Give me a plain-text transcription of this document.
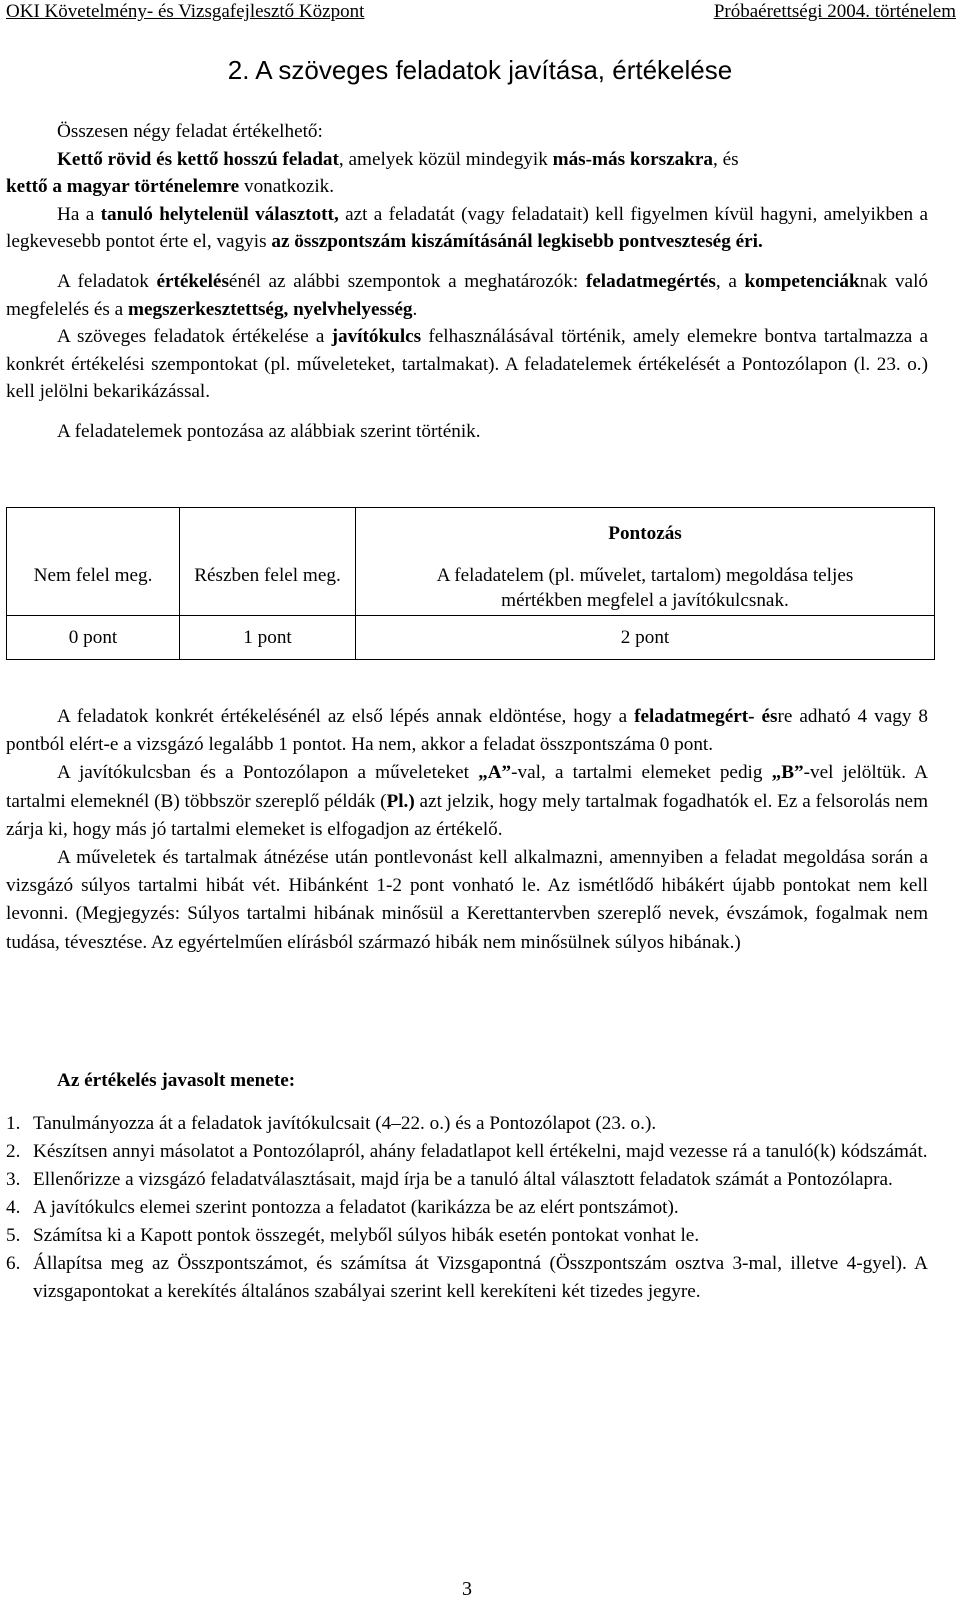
OKI Követelmény- és Vizsgafejlesztő Központ	Próbaérettségi 2004. történelem
2. A szöveges feladatok javítása, értékelése

Összesen négy feladat értékelhető:
Kettő rövid és kettő hosszú feladat, amelyek közül mindegyik más-más korszakra, és

kettő a magyar történelemre vonatkozik.

Ha a tanuló helytelenül választott, azt a feladatát (vagy feladatait) kell figyelmen kívül hagyni, amelyikben a legkevesebb pontot érte el, vagyis az összpontszám kiszámításánál legkisebb pontveszteség éri.

A feladatok értékelésénél az alábbi szempontok a meghatározók: feladatmegértés, a kompetenciáknak való megfelelés és a megszerkesztettség, nyelvhelyesség.

A szöveges feladatok értékelése a javítókulcs felhasználásával történik, amely elemekre bontva tartalmazza a konkrét értékelési szempontokat (pl. műveleteket, tartalmakat). A feladatelemek értékelését a Pontozólapon (l. 23. o.) kell jelölni bekarikázással.

A feladatelemek pontozása az alábbiak szerint történik.

		Pontozás
Nem felel meg.	Részben felel meg.	A feladatelem (pl. művelet, tartalom) megoldása teljes mértékben megfelel a javítókulcsnak.
0 pont	1 pont	2 pont

A feladatok konkrét értékelésénél az első lépés annak eldöntése, hogy a feladatmegért- ésre adható 4 vagy 8 pontból elért-e a vizsgázó legalább 1 pontot. Ha nem, akkor a feladat összpontszáma 0 pont.

A javítókulcsban és a Pontozólapon a műveleteket „A”-val, a tartalmi elemeket pedig „B”-vel jelöltük. A tartalmi elemeknél (B) többször szereplő példák (Pl.) azt jelzik, hogy mely tartalmak fogadhatók el. Ez a felsorolás nem zárja ki, hogy más jó tartalmi elemeket is elfogadjon az értékelő.

A műveletek és tartalmak átnézése után pontlevonást kell alkalmazni, amennyiben a feladat megoldása során a vizsgázó súlyos tartalmi hibát vét. Hibánként 1-2 pont vonható le. Az ismétlődő hibákért újabb pontokat nem kell levonni. (Megjegyzés: Súlyos tartalmi hibának minősül a Kerettantervben szereplő nevek, évszámok, fogalmak nem tudása, tévesztése. Az egyértelműen elírásból származó hibák nem minősülnek súlyos hibának.)

Az értékelés javasolt menete:
1. Tanulmányozza át a feladatok javítókulcsait (4–22. o.) és a Pontozólapot (23. o.).
2. Készítsen annyi másolatot a Pontozólapról, ahány feladatlapot kell értékelni, majd vezesse rá a tanuló(k) kódszámát.
3. Ellenőrizze a vizsgázó feladatválasztásait, majd írja be a tanuló által választott feladatok számát a Pontozólapra.
4. A javítókulcs elemei szerint pontozza a feladatot (karikázza be az elért pontszámot).
5. Számítsa ki a Kapott pontok összegét, melyből súlyos hibák esetén pontokat vonhat le.
6. Állapítsa meg az Összpontszámot, és számítsa át Vizsgapontná (Összpontszám osztva 3-mal, illetve 4-gyel). A vizsgapontokat a kerekítés általános szabályai szerint kell kerekíteni két tizedes jegyre.
3
